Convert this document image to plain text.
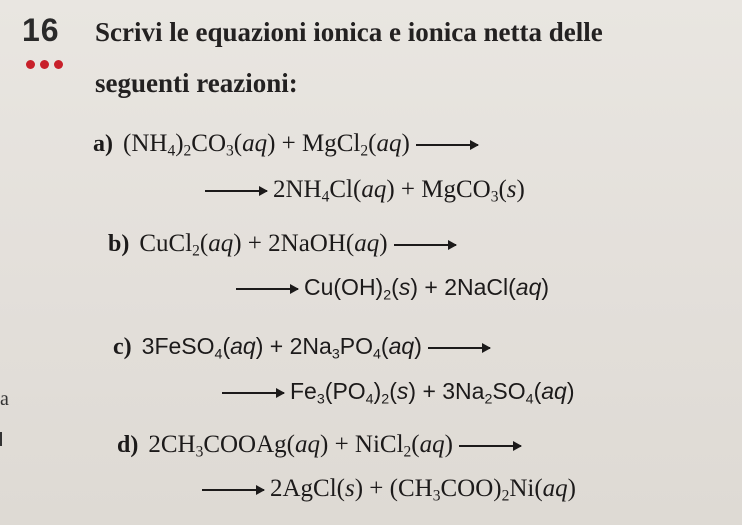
16 Scrivi le equazioni ionica e ionica netta delle
seguenti reazioni:
a) $(NH_4)_2CO_3(aq)$ + MgCl$_2$(aq) →
→ $2NH_4Cl(aq)$ + MgCO$_3$(s)
b) CuCl$_2$(aq) + 2NaOH(aq) →
→ $Cu(OH)_2(s)$ + 2NaCl(aq)
c) 3FeSO$_4$(aq) + $2Na_3PO_4(aq)$ →
→ $Fe_3(PO_4)_2(s) + 3Na_2SO_4(aq)$
d) $2CH_3COOAg(aq)$ + NiCl$_2$(aq) →
→ 2AgCl(s) + $(CH_3COO)_2Ni(aq)$
a
